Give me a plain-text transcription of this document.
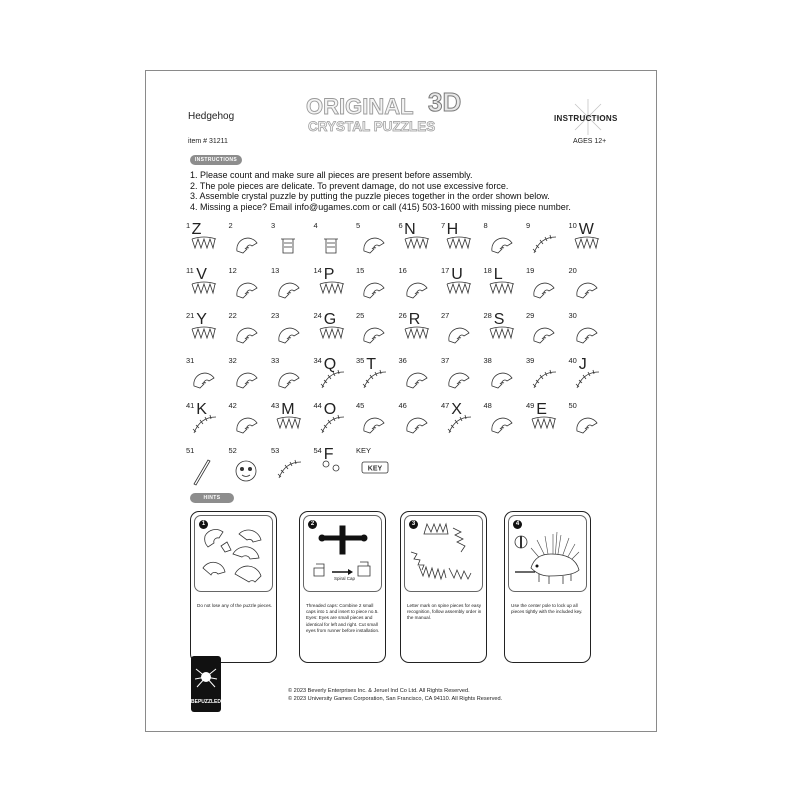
Hedgehog
item # 31211
ORIGINAL 3D
CRYSTAL PUZZLES
INSTRUCTIONS
AGES 12+
INSTRUCTIONS
1. Please count and make sure all pieces are present before assembly.
2. The pole pieces are delicate. To prevent damage, do not use excessive force.
3. Assemble crystal puzzle by putting the puzzle pieces together in the order shown below.
4. Missing a piece? Email info@ugames.com or call (415) 503-1600 with missing piece number.
1 Z	2	3	4	5	6 N	7 H	8	9	10 W
11 V	12	13	14 P	15	16	17 U	18 L	19	20
21 Y	22	23	24 G	25	26 R	27	28 S	29	30
31	32	33	34 Q	35 T	36	37	38	39	40 J
41 K	42	43 M	44 O	45	46	47 X	48	49 E	50
51	52	53	54 F	KEY
KEY
HINTS
1
Do not lose any of the puzzle pieces.
2
Spiral Cap
Threaded caps: Combine 2 small caps into 1 and insert to piece no.5. Eyes: Eyes are small pieces and identical for left and right. Cut small eyes from runner before installation.
3
Letter mark on spine pieces for easy recognition, follow assembly order in the manual.
4
Use the center pole to lock up all pieces tightly with the included key.
BEPUZZLED
© 2023 Beverly Enterprises Inc. & Jeruel Ind Co Ltd. All Rights Reserved.
© 2023 University Games Corporation, San Francisco, CA 94110. All Rights Reserved.
